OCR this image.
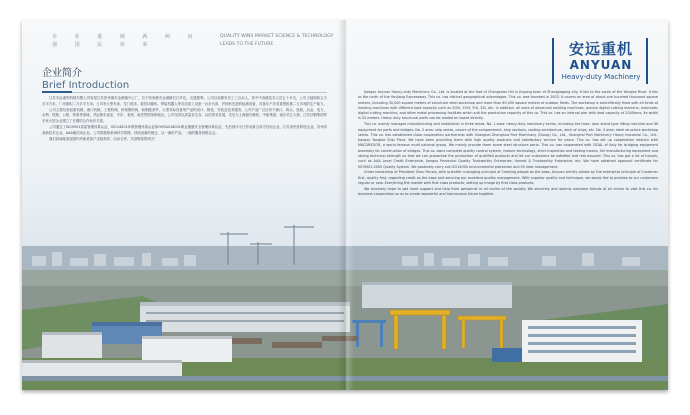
企 业 重 阀 两 两 问 强 国 民 荣 荣
QUALITY WINS MARKET SCIENCE & TECHNOLOGY LEADS TO THE FUTURE
企业简介
Brief Introduction

江苏安远重型机械有限公司原是江苏张家港市金港镇中心厂，位于张家港市金港镇长江岸边，交通便利。公司目前拥有员工三百余人，其中中高级技术人员五十多名，公司占地面积五万多平方米，厂房面积二万多平方米。公司有大型车床、龙门铣床、数控切割机、焊接机器人等各类加工设备一百多台套，并拥有先进的检测设备，具备年产各类重型机械二万多吨的生产能力。

公司主要经营起重机械、港口机械、工程机械、桥梁钢结构、船舶配套件、大型非标设备等产品的设计、制造、安装及技术服务。公司产品广泛应用于港口、码头、造船、冶金、电力、水利、铁路、公路、桥梁等领域，并远销东南亚、中东、非洲、南美等国家和地区。公司坚持以质量求生存、以信誉求发展，先后与上海振华港机、中船集团、南京长江大桥、江苏沙钢集团等多家大型企业建立了长期的合作伙伴关系。

公司通过了ISO9001质量管理体系认证、ISO14001环境管理体系认证和OHSAS18001职业健康安全管理体系认证，先后被评为江苏省重合同守信用企业、江苏省民营科技企业、苏州市高新技术企业、AAA级信用企业。公司将继续秉承科学管理、持续创新的理念，以一流的产品、一流的服务回报社会。

我们真诚地欢迎国内外新老客户光临指导、洽谈合作，共创辉煌的明天！

安远重机
ANYUAN
Heavy-duty Machinery

Jiangsu Anyuan Heavy-duty Machinery Co., Ltd. is located at the foot of Changshan Hill in Jingang town of Zhangjiagang city. It lies to the south of the Yangtze River. It lies to the north of the Yanjiang Expressway. This co. has distinct geographical advantages. This co. was founded in 2003. It covers an area of about one hundred thousand square meters, including 30,000 square meters of structural steel workshop and more than 60,000 square meters of outdoor fields. The workshop is scientifically fixed with all kinds of hoisting machines with different load capacity such as 200t, 150t, 50t, 32t, etc. In addition, all sorts of advanced welding machines, precise digital cutting machine, automatic digital cutting machine, and other metal processing facilities which suit the production capacity of this co. This co. has an internal pier with load capacity of 2000tons, its width is 32 meters. Heavy duty structural parts can be loaded on board directly.

This co. mainly manages manufacturing and installation in three areas. No. 1 area: heavy-duty machinery series, including tire hose, door stand type lifting machine and lift equipment for ports and bridges. No. 2 area: ship series, covers of the compartment, ship sections, casting architecture, deck of ships, etc. No. 3 area: steel structure workshop series. This co. has established close cooperation partnership with Shanghai Zhenghua Port Machinery (Group) Co., Ltd., Shanghai Port Machinery Heavy Industrial Co., Ltd., Jiangsu Yangtze Ship Plant. We have been providing them with high quality products and satisfactory service for years. This co. has set up cooperation relation with MACGREGOR, a world famous multi-national group. We mainly provide them some steel structure parts. This co. has cooperated with CIDAL of Italy for bridging equipment assembly for construction of bridges. This co. owns complete quality control system, mature technology, strict inspection and testing means, full manufacturing equipment and strong technical strength so that we can guarantee the production of qualified products and let our customers be satisfied and rest assured. This co. has got a lot of honors, such as AAA Level Credit Enterprise, Jiangsu Provincial Quality Trustworthy Enterprise, Honest & Trustworthy Enterprise, etc. We have obtained approval certificate for ISO9001:2000 Quality System. We positively carry out ISO14000 environmental protection and SS heat management.

Under leadership of President Zhou Fenxia, with scientific managing principle of Creating people as the base, Anyuan strictly abides by the enterprise principle of Customer first, quality first, regarding credit as the base and securing our excellent quality management. With superior quality and technique, we would like to promise to our customers regular or new. Everything the market with first class products, setting up image by first class products.

We sincerely hope to get more support and help from personnel in all circles of the society. We sincerely and warmly welcome friends of all circles to visit this co. for business cooperation so as to create wonderful and harmonious future together.
